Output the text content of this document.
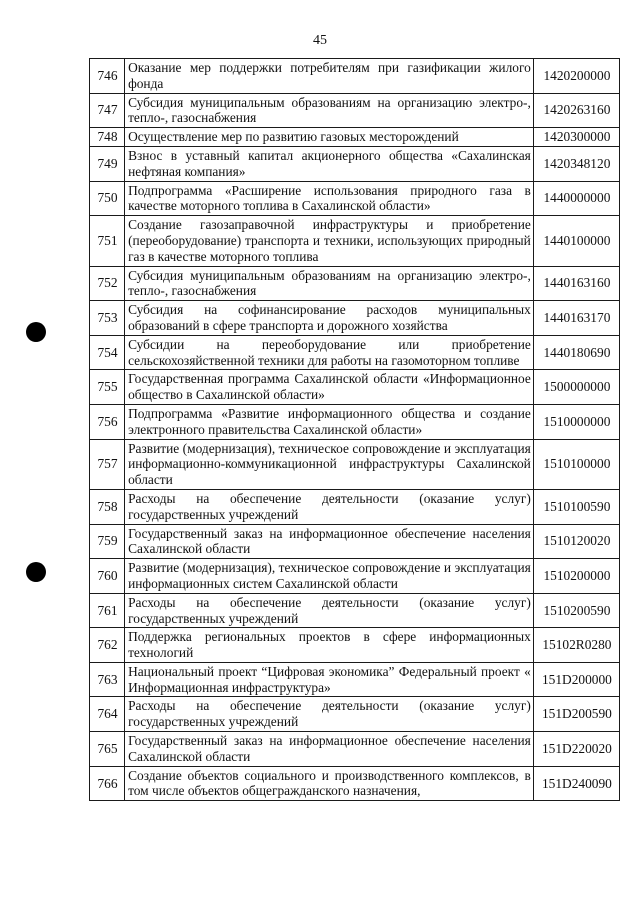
45
746	Оказание мер поддержки потребителям при газификации жилого фонда	1420200000
747	Субсидия муниципальным образованиям на организацию электро-, тепло-, газоснабжения	1420263160
748	Осуществление мер по развитию газовых месторождений	1420300000
749	Взнос в уставный капитал акционерного общества «Сахалинская нефтяная компания»	1420348120
750	Подпрограмма «Расширение использования природного газа в качестве моторного топлива в Сахалинской области»	1440000000
751	Создание газозаправочной инфраструктуры и приобретение (переоборудование) транспорта и техники, использующих природный газ в качестве моторного топлива	1440100000
752	Субсидия муниципальным образованиям на организацию электро-, тепло-, газоснабжения	1440163160
753	Субсидия на софинансирование расходов муниципальных образований в сфере транспорта и дорожного хозяйства	1440163170
754	Субсидии на переоборудование или приобретение сельскохозяйственной техники для работы на газомоторном топливе	1440180690
755	Государственная программа Сахалинской области «Информационное общество в Сахалинской области»	1500000000
756	Подпрограмма «Развитие информационного общества и создание электронного правительства Сахалинской области»	1510000000
757	Развитие (модернизация), техническое сопровождение и эксплуатация информационно-коммуникационной инфраструктуры Сахалинской области	1510100000
758	Расходы на обеспечение деятельности (оказание услуг) государственных учреждений	1510100590
759	Государственный заказ на информационное обеспечение населения Сахалинской области	1510120020
760	Развитие (модернизация), техническое сопровождение и эксплуатация информационных систем Сахалинской области	1510200000
761	Расходы на обеспечение деятельности (оказание услуг) государственных учреждений	1510200590
762	Поддержка региональных проектов в сфере информационных технологий	15102R0280
763	Национальный проект “Цифровая экономика” Федеральный проект « Информационная инфраструктура»	151D200000
764	Расходы на обеспечение деятельности (оказание услуг) государственных учреждений	151D200590
765	Государственный заказ на информационное обеспечение населения Сахалинской области	151D220020
766	Создание объектов социального и производственного комплексов, в том числе объектов общегражданского назначения,	151D240090
